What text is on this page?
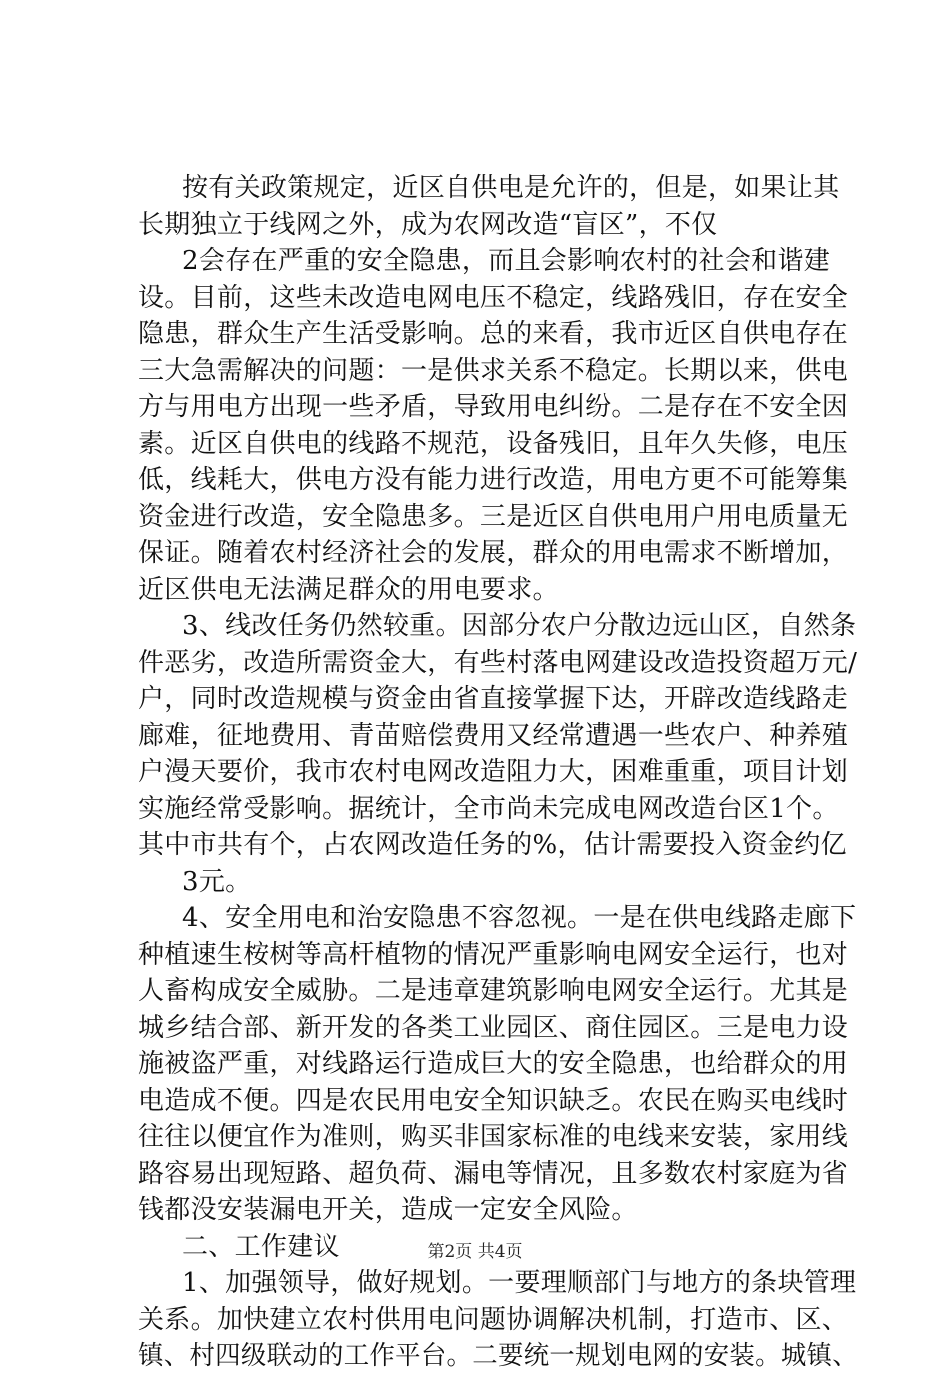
按有关政策规定，近区自供电是允许的，但是，如果让其
长期独立于线网之外，成为农网改造“盲区”，不仅
2会存在严重的安全隐患，而且会影响农村的社会和谐建
设。目前，这些未改造电网电压不稳定，线路残旧，存在安全
隐患，群众生产生活受影响。总的来看，我市近区自供电存在
三大急需解决的问题：一是供求关系不稳定。长期以来，供电
方与用电方出现一些矛盾，导致用电纠纷。二是存在不安全因
素。近区自供电的线路不规范，设备残旧，且年久失修，电压
低，线耗大，供电方没有能力进行改造，用电方更不可能筹集
资金进行改造，安全隐患多。三是近区自供电用户用电质量无
保证。随着农村经济社会的发展，群众的用电需求不断增加，
近区供电无法满足群众的用电要求。
3、线改任务仍然较重。因部分农户分散边远山区，自然条
件恶劣，改造所需资金大，有些村落电网建设改造投资超万元/
户，同时改造规模与资金由省直接掌握下达，开辟改造线路走
廊难，征地费用、青苗赔偿费用又经常遭遇一些农户、种养殖
户漫天要价，我市农村电网改造阻力大，困难重重，项目计划
实施经常受影响。据统计，全市尚未完成电网改造台区1个。
其中市共有个，占农网改造任务的%，估计需要投入资金约亿
3元。
4、安全用电和治安隐患不容忽视。一是在供电线路走廊下
种植速生桉树等高杆植物的情况严重影响电网安全运行，也对
人畜构成安全威胁。二是违章建筑影响电网安全运行。尤其是
城乡结合部、新开发的各类工业园区、商住园区。三是电力设
施被盗严重，对线路运行造成巨大的安全隐患，也给群众的用
电造成不便。四是农民用电安全知识缺乏。农民在购买电线时
往往以便宜作为准则，购买非国家标准的电线来安装，家用线
路容易出现短路、超负荷、漏电等情况，且多数农村家庭为省
钱都没安装漏电开关，造成一定安全风险。
二、工作建议
1、加强领导，做好规划。一要理顺部门与地方的条块管理
关系。加快建立农村供用电问题协调解决机制，打造市、区、
镇、村四级联动的工作平台。二要统一规划电网的安装。城镇、
第2页 共4页
